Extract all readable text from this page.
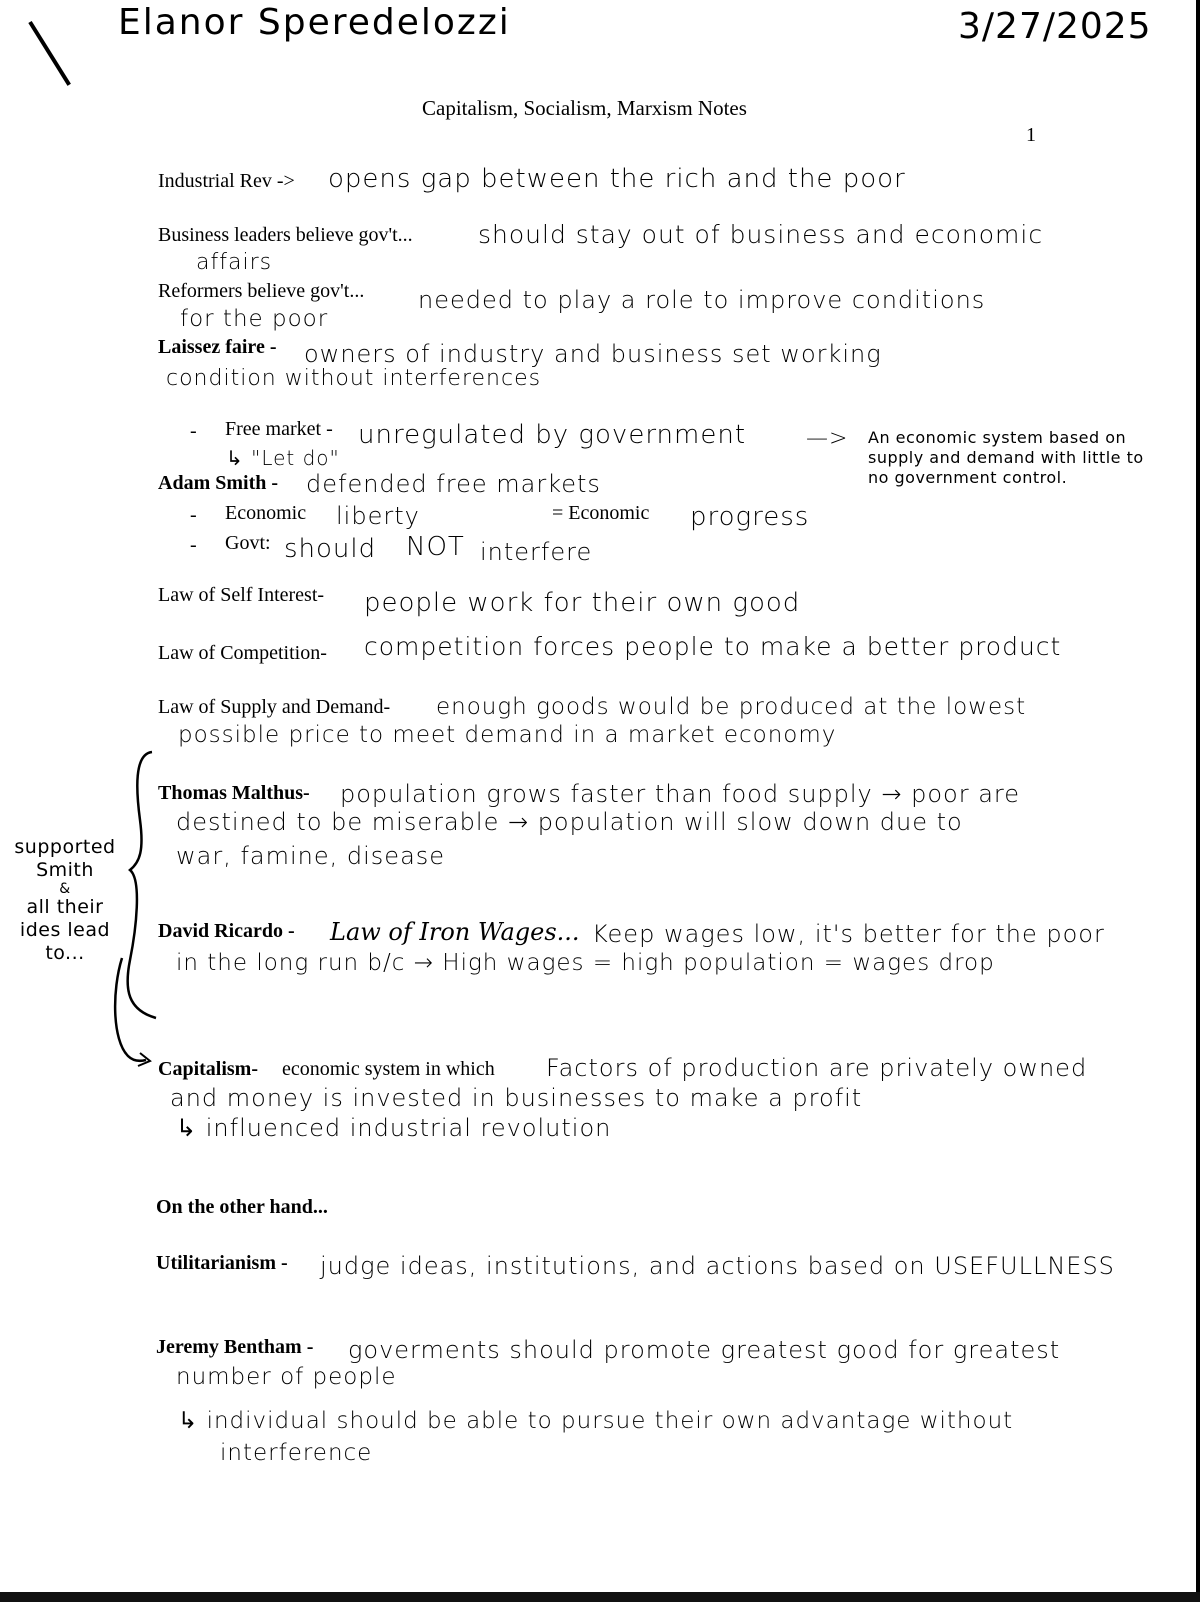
Elanor Speredelozzi	3/27/2025
Capitalism, Socialism, Marxism Notes
1
Industrial Rev -> opens gap between the rich and the poor
Business leaders believe gov't...	should stay out of business and economic
affairs
Reformers believe gov't... needed to play a role to improve conditions
for the poor
Laissez faire - owners of industry and business set working
condition without interferences
- Free market - unregulated by government	—>
↳ "Let do"
An economic system based on
supply and demand with little to
no government control.
Adam Smith - defended free markets
- Economic liberty	= Economic progress
- Govt: should NOT interfere
Law of Self Interest- people work for their own good
Law of Competition- competition forces people to make a better product
Law of Supply and Demand- enough goods would be produced at the lowest
possible price to meet demand in a market economy
supported
Smith
&
all their
ides lead
to...
Thomas Malthus- population grows faster than food supply → poor are
destined to be miserable → population will slow down due to
war, famine, disease
David Ricardo - Law of Iron Wages... Keep wages low, it's better for the poor
in the long run b/c → High wages = high population = wages drop
Capitalism- economic system in which Factors of production are privately owned
and money is invested in businesses to make a profit
↳ influenced industrial revolution
On the other hand...
Utilitarianism - judge ideas, institutions, and actions based on USEFULLNESS
Jeremy Bentham - goverments should promote greatest good for greatest
number of people
↳ individual should be able to pursue their own advantage without
interference
